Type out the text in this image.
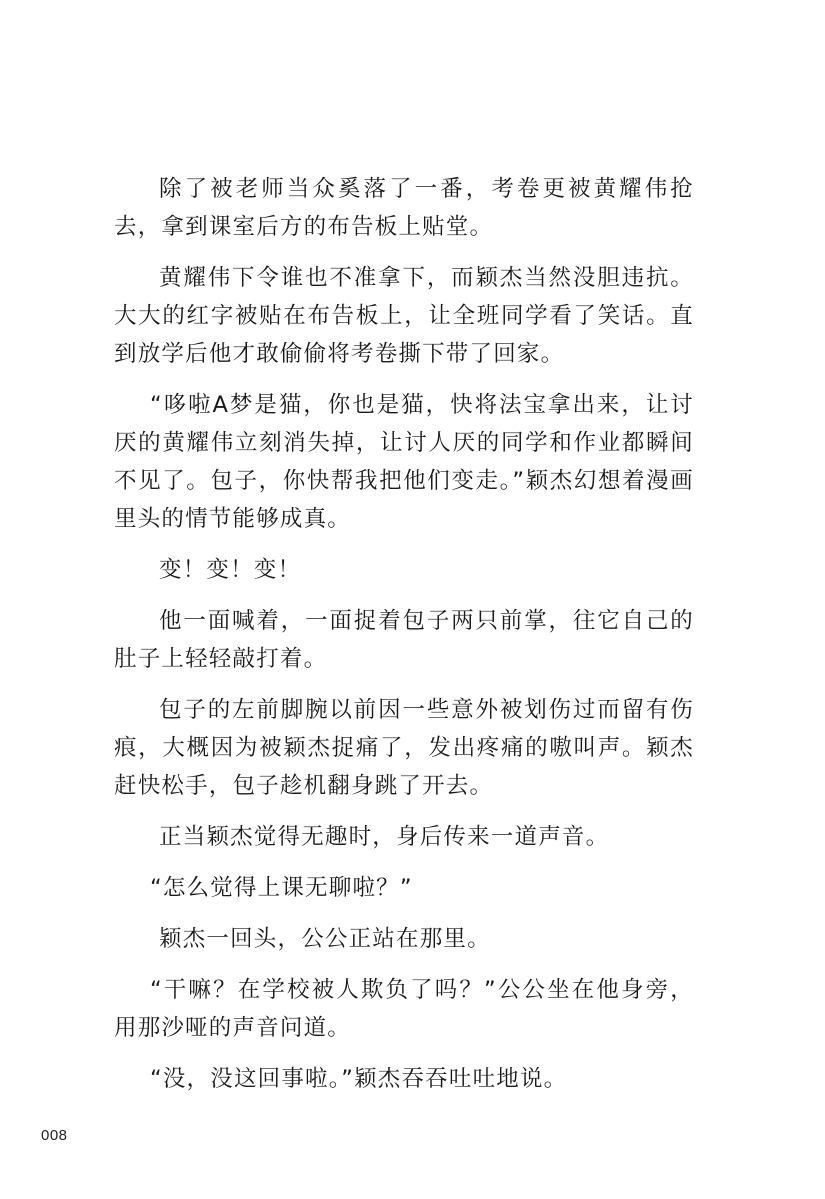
除了被老师当众奚落了一番，考卷更被黄耀伟抢去，拿到课室后方的布告板上贴堂。

黄耀伟下令谁也不准拿下，而颖杰当然没胆违抗。大大的红字被贴在布告板上，让全班同学看了笑话。直到放学后他才敢偷偷将考卷撕下带了回家。

“哆啦A梦是猫，你也是猫，快将法宝拿出来，让讨厌的黄耀伟立刻消失掉，让讨人厌的同学和作业都瞬间不见了。包子，你快帮我把他们变走。”颖杰幻想着漫画里头的情节能够成真。

变！变！变！

他一面喊着，一面捉着包子两只前掌，往它自己的肚子上轻轻敲打着。

包子的左前脚腕以前因一些意外被划伤过而留有伤痕，大概因为被颖杰捉痛了，发出疼痛的嗷叫声。颖杰赶快松手，包子趁机翻身跳了开去。

正当颖杰觉得无趣时，身后传来一道声音。

“怎么觉得上课无聊啦？”

颖杰一回头，公公正站在那里。

“干嘛？在学校被人欺负了吗？”公公坐在他身旁，用那沙哑的声音问道。

“没，没这回事啦。”颖杰吞吞吐吐地说。

008
